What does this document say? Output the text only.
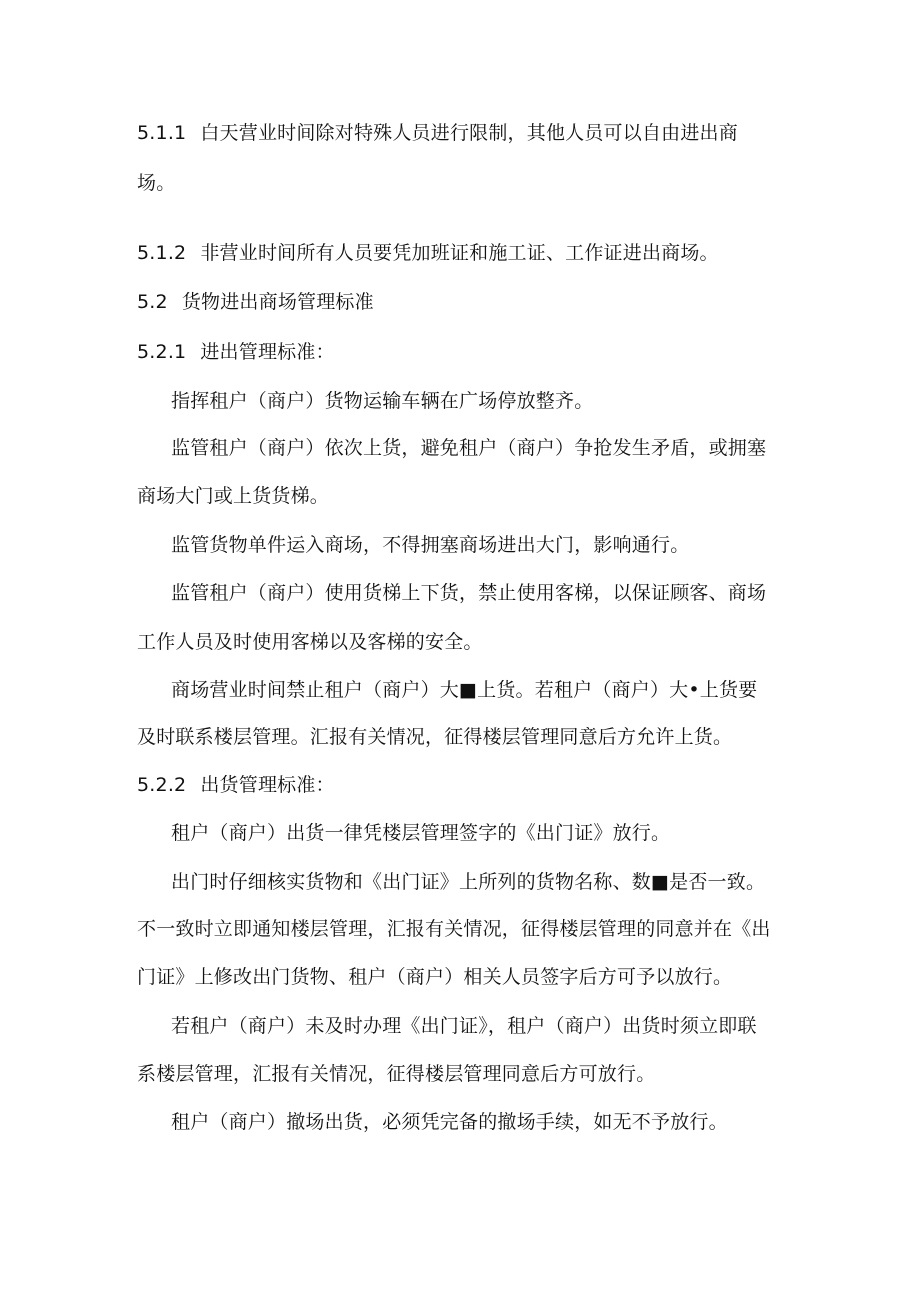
5.1.1 白天营业时间除对特殊人员进行限制，其他人员可以自由进出商
场。
5.1.2 非营业时间所有人员要凭加班证和施工证、工作证进出商场。
5.2 货物进出商场管理标准
5.2.1 进出管理标准：
指挥租户（商户）货物运输车辆在广场停放整齐。
监管租户（商户）依次上货，避免租户（商户）争抢发生矛盾，或拥塞
商场大门或上货货梯。
监管货物单件运入商场，不得拥塞商场进出大门，影响通行。
监管租户（商户）使用货梯上下货，禁止使用客梯，以保证顾客、商场
工作人员及时使用客梯以及客梯的安全。
商场营业时间禁止租户（商户）大■上货。若租户（商户）大•上货要
及时联系楼层管理。汇报有关情况，征得楼层管理同意后方允许上货。
5.2.2 出货管理标准：
租户（商户）出货一律凭楼层管理签字的《出门证》放行。
出门时仔细核实货物和《出门证》上所列的货物名称、数■是否一致。
不一致时立即通知楼层管理，汇报有关情况，征得楼层管理的同意并在《出
门证》上修改出门货物、租户（商户）相关人员签字后方可予以放行。
若租户（商户）未及时办理《出门证》，租户（商户）出货时须立即联
系楼层管理，汇报有关情况，征得楼层管理同意后方可放行。
租户（商户）撤场出货，必须凭完备的撤场手续，如无不予放行。
